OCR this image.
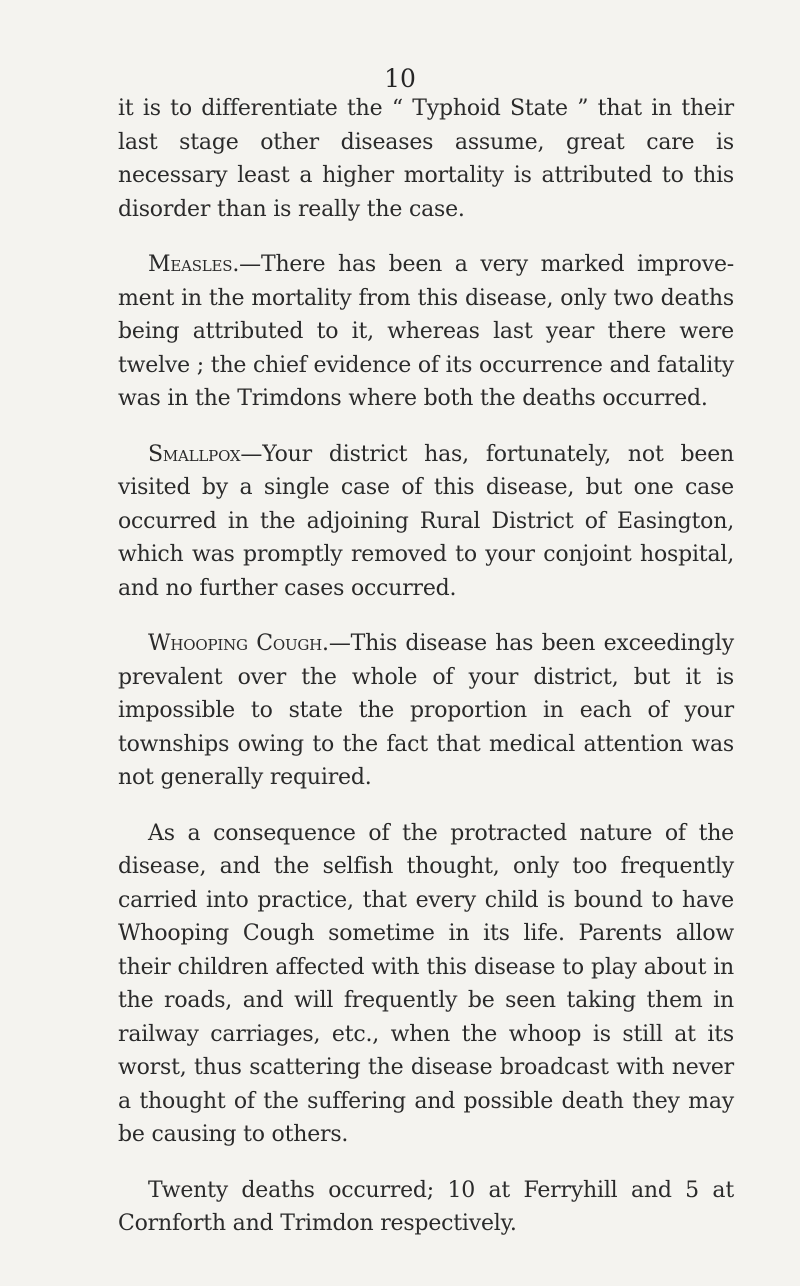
10

it is to differentiate the “ Typhoid State ” that in their last stage other diseases assume, great care is necessary least a higher mortality is attributed to this disorder than is really the case.

Measles.—There has been a very marked improve- ment in the mortality from this disease, only two deaths being attributed to it, whereas last year there were twelve ; the chief evidence of its occurrence and fatality was in the Trimdons where both the deaths occurred.

Smallpox—Your district has, fortunately, not been visited by a single case of this disease, but one case occurred in the adjoining Rural District of Easington, which was promptly removed to your conjoint hospital, and no further cases occurred.

Whooping Cough.—This disease has been exceedingly prevalent over the whole of your district, but it is impossible to state the proportion in each of your townships owing to the fact that medical attention was not generally required.

As a consequence of the protracted nature of the disease, and the selfish thought, only too frequently carried into practice, that every child is bound to have Whooping Cough sometime in its life. Parents allow their children affected with this disease to play about in the roads, and will frequently be seen taking them in railway carriages, etc., when the whoop is still at its worst, thus scattering the disease broadcast with never a thought of the suffering and possible death they may be causing to others.

Twenty deaths occurred; 10 at Ferryhill and 5 at Cornforth and Trimdon respectively.
